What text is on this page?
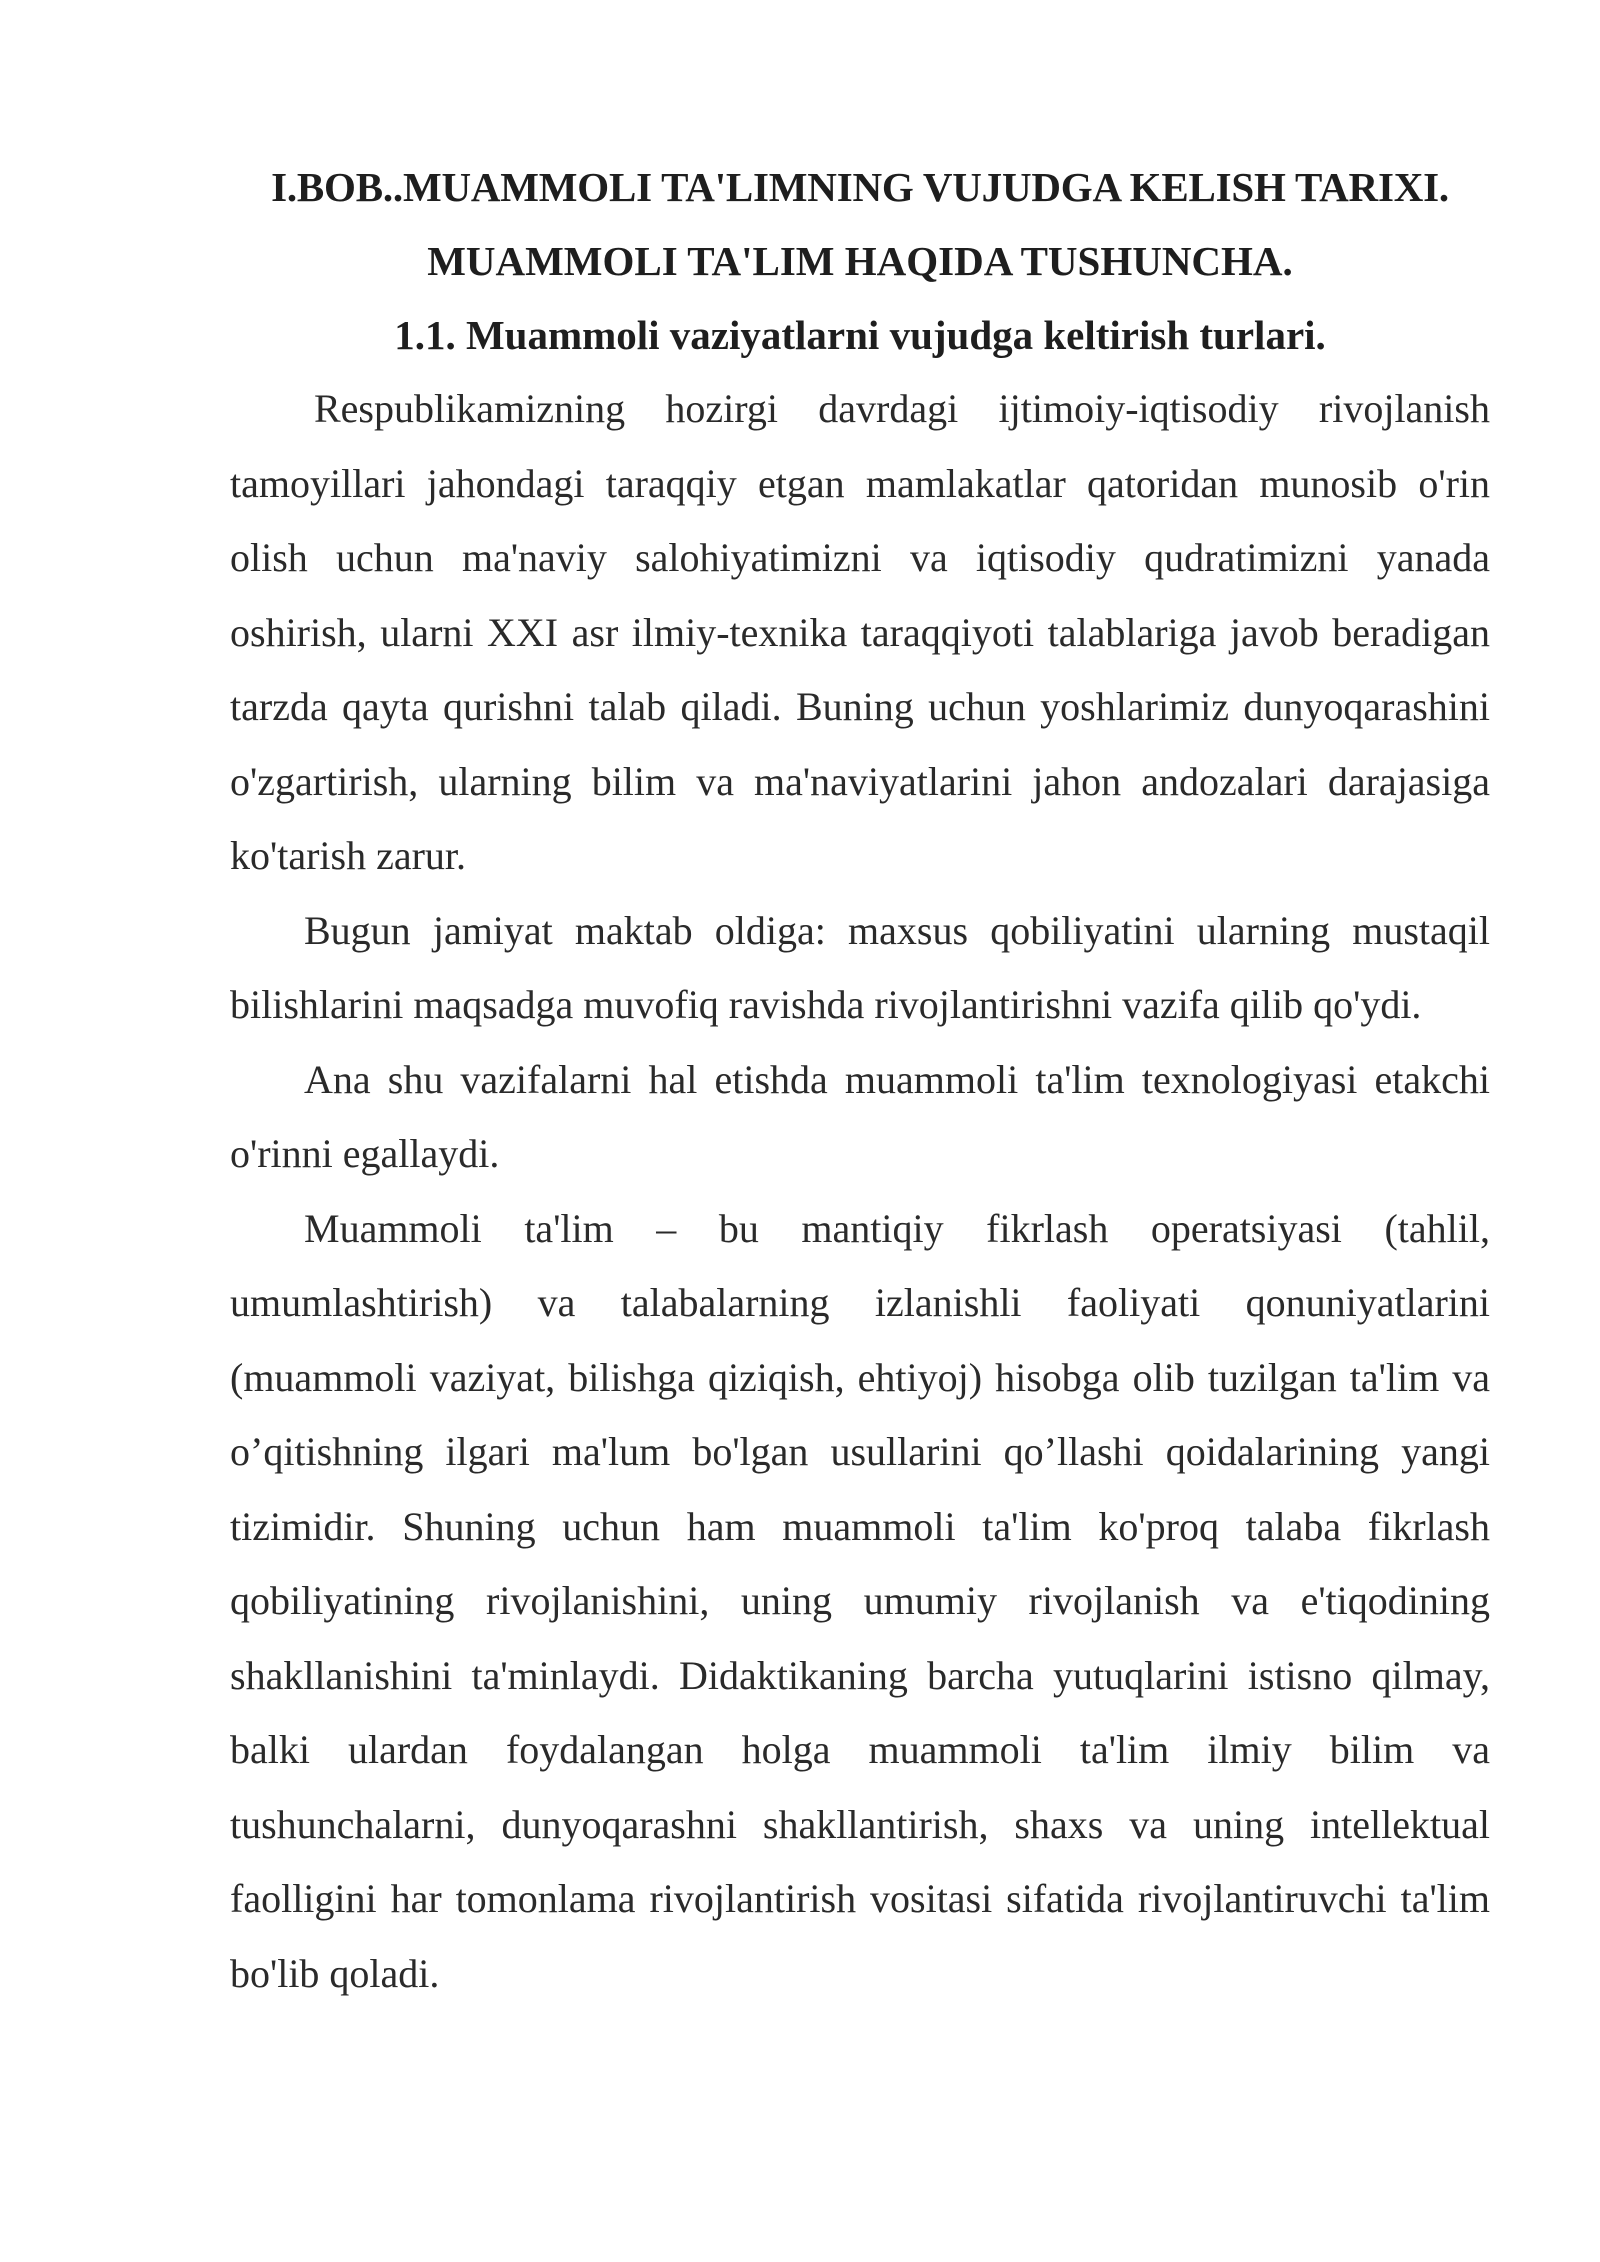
I.BOB..MUAMMOLI TA'LIMNING VUJUDGA KELISH TARIXI.
MUAMMOLI TA'LIM HAQIDA TUSHUNCHA.
1.1. Muammoli vaziyatlarni vujudga keltirish turlari.

Respublikamizning hozirgi davrdagi ijtimoiy-iqtisodiy rivojlanish tamoyillari jahondagi taraqqiy etgan mamlakatlar qatoridan munosib o'rin olish uchun ma'naviy salohiyatimizni va iqtisodiy qudratimizni yanada oshirish, ularni XXI asr ilmiy-texnika taraqqiyoti talablariga javob beradigan tarzda qayta qurishni talab qiladi. Buning uchun yoshlarimiz dunyoqarashini o'zgartirish, ularning bilim va ma'naviyatlarini jahon andozalari darajasiga ko'tarish zarur.

Bugun jamiyat maktab oldiga: maxsus qobiliyatini ularning mustaqil bilishlarini maqsadga muvofiq ravishda rivojlantirishni vazifa qilib qo'ydi.

Ana shu vazifalarni hal etishda muammoli ta'lim texnologiyasi etakchi o'rinni egallaydi.

Muammoli ta'lim – bu mantiqiy fikrlash operatsiyasi (tahlil, umumlashtirish) va talabalarning izlanishli faoliyati qonuniyatlarini (muammoli vaziyat, bilishga qiziqish, ehtiyoj) hisobga olib tuzilgan ta'lim va o’qitishning ilgari ma'lum bo'lgan usullarini qo’llashi qoidalarining yangi tizimidir. Shuning uchun ham muammoli ta'lim ko'proq talaba fikrlash qobiliyatining rivojlanishini, uning umumiy rivojlanish va e'tiqodining shakllanishini ta'minlaydi. Didaktikaning barcha yutuqlarini istisno qilmay, balki ulardan foydalangan holga muammoli ta'lim ilmiy bilim va tushunchalarni, dunyoqarashni shakllantirish, shaxs va uning intellektual faolligini har tomonlama rivojlantirish vositasi sifatida rivojlantiruvchi ta'lim bo'lib qoladi.
